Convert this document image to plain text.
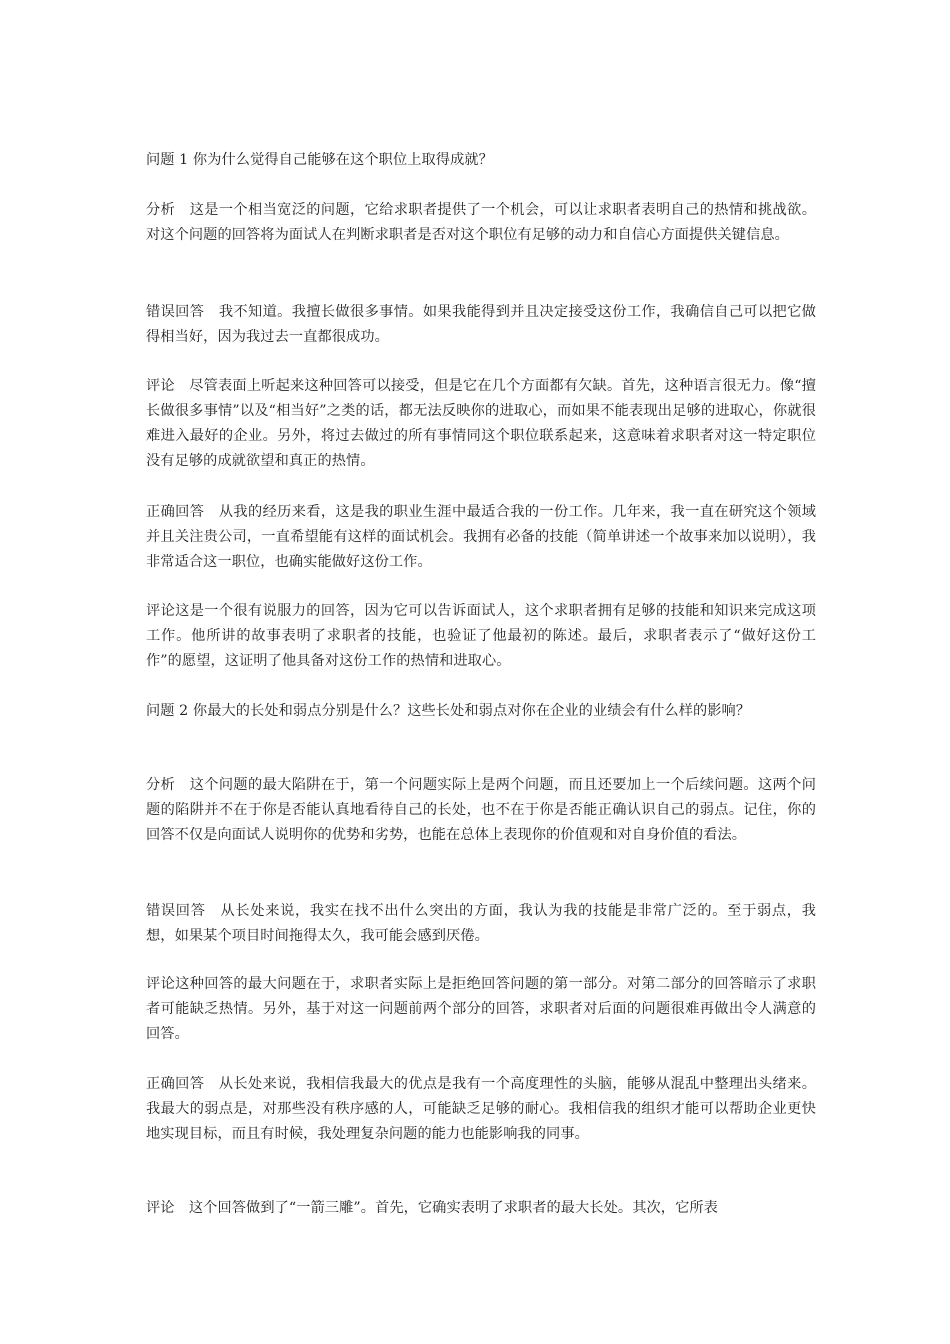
问题 1 你为什么觉得自己能够在这个职位上取得成就？

分析　这是一个相当宽泛的问题，它给求职者提供了一个机会，可以让求职者表明自己的热情和挑战欲。对这个问题的回答将为面试人在判断求职者是否对这个职位有足够的动力和自信心方面提供关键信息。

错误回答　我不知道。我擅长做很多事情。如果我能得到并且决定接受这份工作，我确信自己可以把它做得相当好，因为我过去一直都很成功。

评论　尽管表面上听起来这种回答可以接受，但是它在几个方面都有欠缺。首先，这种语言很无力。像“擅长做很多事情”以及“相当好”之类的话，都无法反映你的进取心，而如果不能表现出足够的进取心，你就很难进入最好的企业。另外，将过去做过的所有事情同这个职位联系起来，这意味着求职者对这一特定职位没有足够的成就欲望和真正的热情。

正确回答　从我的经历来看，这是我的职业生涯中最适合我的一份工作。几年来，我一直在研究这个领域并且关注贵公司，一直希望能有这样的面试机会。我拥有必备的技能（简单讲述一个故事来加以说明），我非常适合这一职位，也确实能做好这份工作。

评论这是一个很有说服力的回答，因为它可以告诉面试人，这个求职者拥有足够的技能和知识来完成这项工作。他所讲的故事表明了求职者的技能，也验证了他最初的陈述。最后，求职者表示了“做好这份工作”的愿望，这证明了他具备对这份工作的热情和进取心。

问题 2 你最大的长处和弱点分别是什么？这些长处和弱点对你在企业的业绩会有什么样的影响？

分析　这个问题的最大陷阱在于，第一个问题实际上是两个问题，而且还要加上一个后续问题。这两个问题的陷阱并不在于你是否能认真地看待自己的长处，也不在于你是否能正确认识自己的弱点。记住，你的回答不仅是向面试人说明你的优势和劣势，也能在总体上表现你的价值观和对自身价值的看法。

错误回答　从长处来说，我实在找不出什么突出的方面，我认为我的技能是非常广泛的。至于弱点，我想，如果某个项目时间拖得太久，我可能会感到厌倦。

评论这种回答的最大问题在于，求职者实际上是拒绝回答问题的第一部分。对第二部分的回答暗示了求职者可能缺乏热情。另外，基于对这一问题前两个部分的回答，求职者对后面的问题很难再做出令人满意的回答。

正确回答　从长处来说，我相信我最大的优点是我有一个高度理性的头脑，能够从混乱中整理出头绪来。我最大的弱点是，对那些没有秩序感的人，可能缺乏足够的耐心。我相信我的组织才能可以帮助企业更快地实现目标，而且有时候，我处理复杂问题的能力也能影响我的同事。

评论　这个回答做到了“一箭三雕”。首先，它确实表明了求职者的最大长处。其次，它所表
